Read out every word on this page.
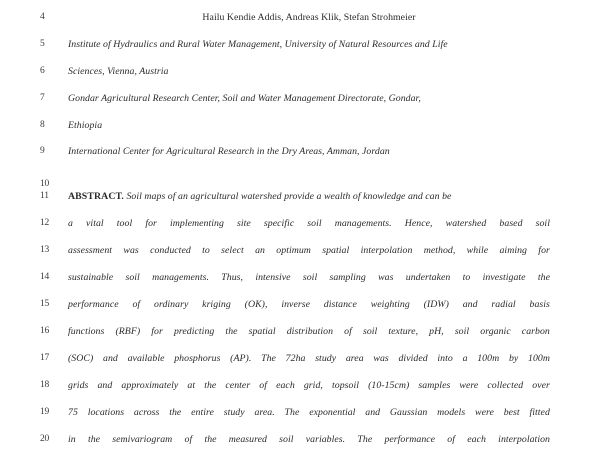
4	Hailu Kendie Addis, Andreas Klik, Stefan Strohmeier
5	Institute of Hydraulics and Rural Water Management, University of Natural Resources and Life
6	Sciences, Vienna, Austria
7	Gondar Agricultural Research Center, Soil and Water Management Directorate, Gondar,
8	Ethiopia
9	International Center for Agricultural Research in the Dry Areas, Amman, Jordan
10
11	ABSTRACT. Soil maps of an agricultural watershed provide a wealth of knowledge and can be
12	a vital tool for implementing site specific soil managements. Hence, watershed based soil
13	assessment was conducted to select an optimum spatial interpolation method, while aiming for
14	sustainable soil managements. Thus, intensive soil sampling was undertaken to investigate the
15	performance of ordinary kriging (OK), inverse distance weighting (IDW) and radial basis
16	functions (RBF) for predicting the spatial distribution of soil texture, pH, soil organic carbon
17	(SOC) and available phosphorus (AP). The 72ha study area was divided into a 100m by 100m
18	grids and approximately at the center of each grid, topsoil (10-15cm) samples were collected over
19	75 locations across the entire study area. The exponential and Gaussian models were best fitted
20	in the semivariogram of the measured soil variables. The performance of each interpolation
